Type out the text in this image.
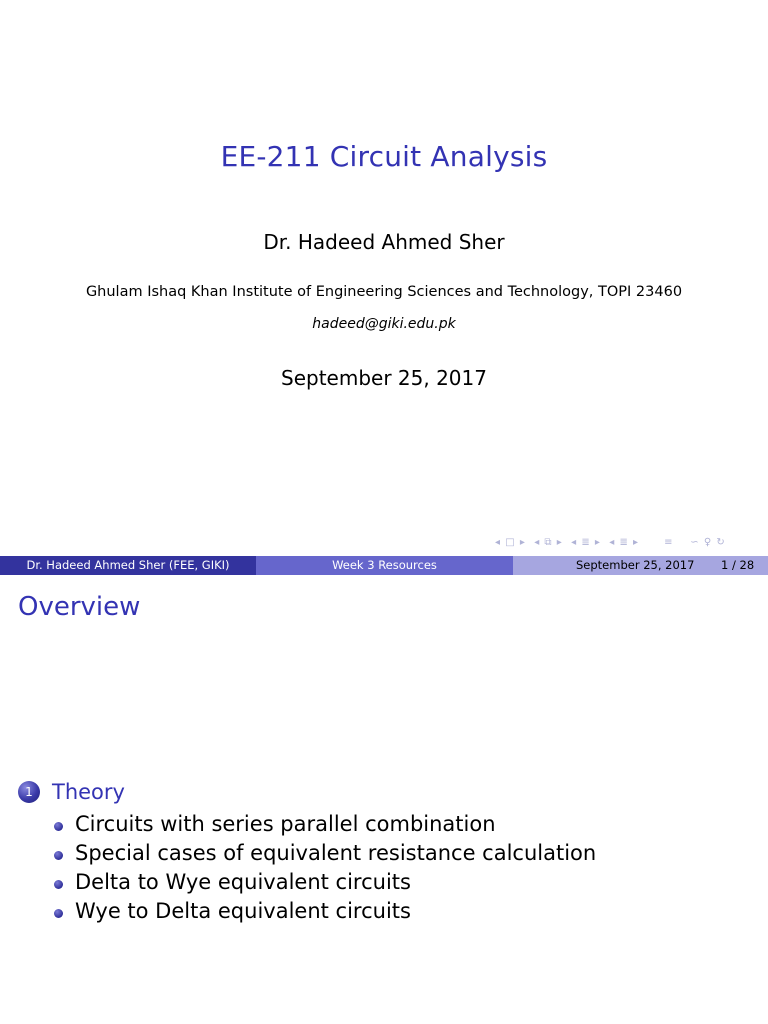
EE-211 Circuit Analysis
Dr. Hadeed Ahmed Sher
Ghulam Ishaq Khan Institute of Engineering Sciences and Technology, TOPI 23460
hadeed@giki.edu.pk
September 25, 2017
◂ □ ▸  ◂ ⧉ ▸  ◂ ≣ ▸  ◂ ≣ ▸      ≡    ∽ ♀ ↻
Dr. Hadeed Ahmed Sher (FEE, GIKI)	Week 3 Resources	September 25, 2017 1 / 28
Overview
1 Theory
Circuits with series parallel combination
Special cases of equivalent resistance calculation
Delta to Wye equivalent circuits
Wye to Delta equivalent circuits
